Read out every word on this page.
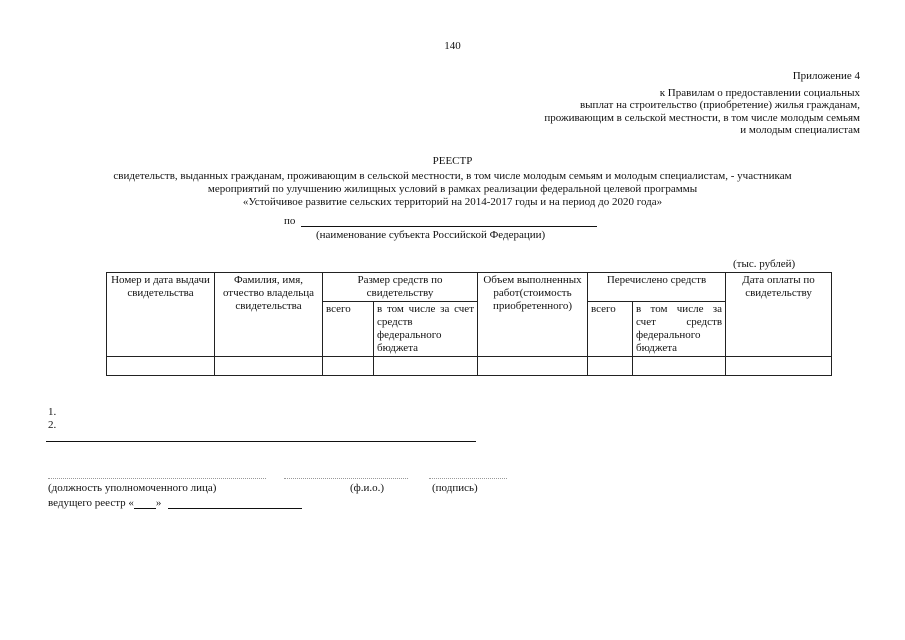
140
Приложение 4
к Правилам о предоставлении социальных
выплат на строительство (приобретение) жилья гражданам,
проживающим в сельской местности, в том числе молодым семьям
и молодым специалистам
РЕЕСТР
свидетельств, выданных гражданам, проживающим в сельской местности, в том числе молодым семьям и молодым специалистам, - участникам
мероприятий по улучшению жилищных условий в рамках реализации федеральной целевой программы
«Устойчивое развитие сельских территорий на 2014-2017 годы и на период до 2020 года»
по
(наименование субъекта Российской Федерации)
(тыс. рублей)
Номер и дата выдачи свидетельства	Фамилия, имя, отчество владельца свидетельства	Размер средств по свидетельству		Объем выполненных работ(стоимость приобретенного)	Перечислено средств		Дата оплаты по свидетельству
		всего	в том числе за счет средств федерального бюджета		всего	в том числе за счет средств федерального бюджета	

1.
2.
(должность уполномоченного лица)	(ф.и.о.)	(подпись)
ведущего реестр « »
